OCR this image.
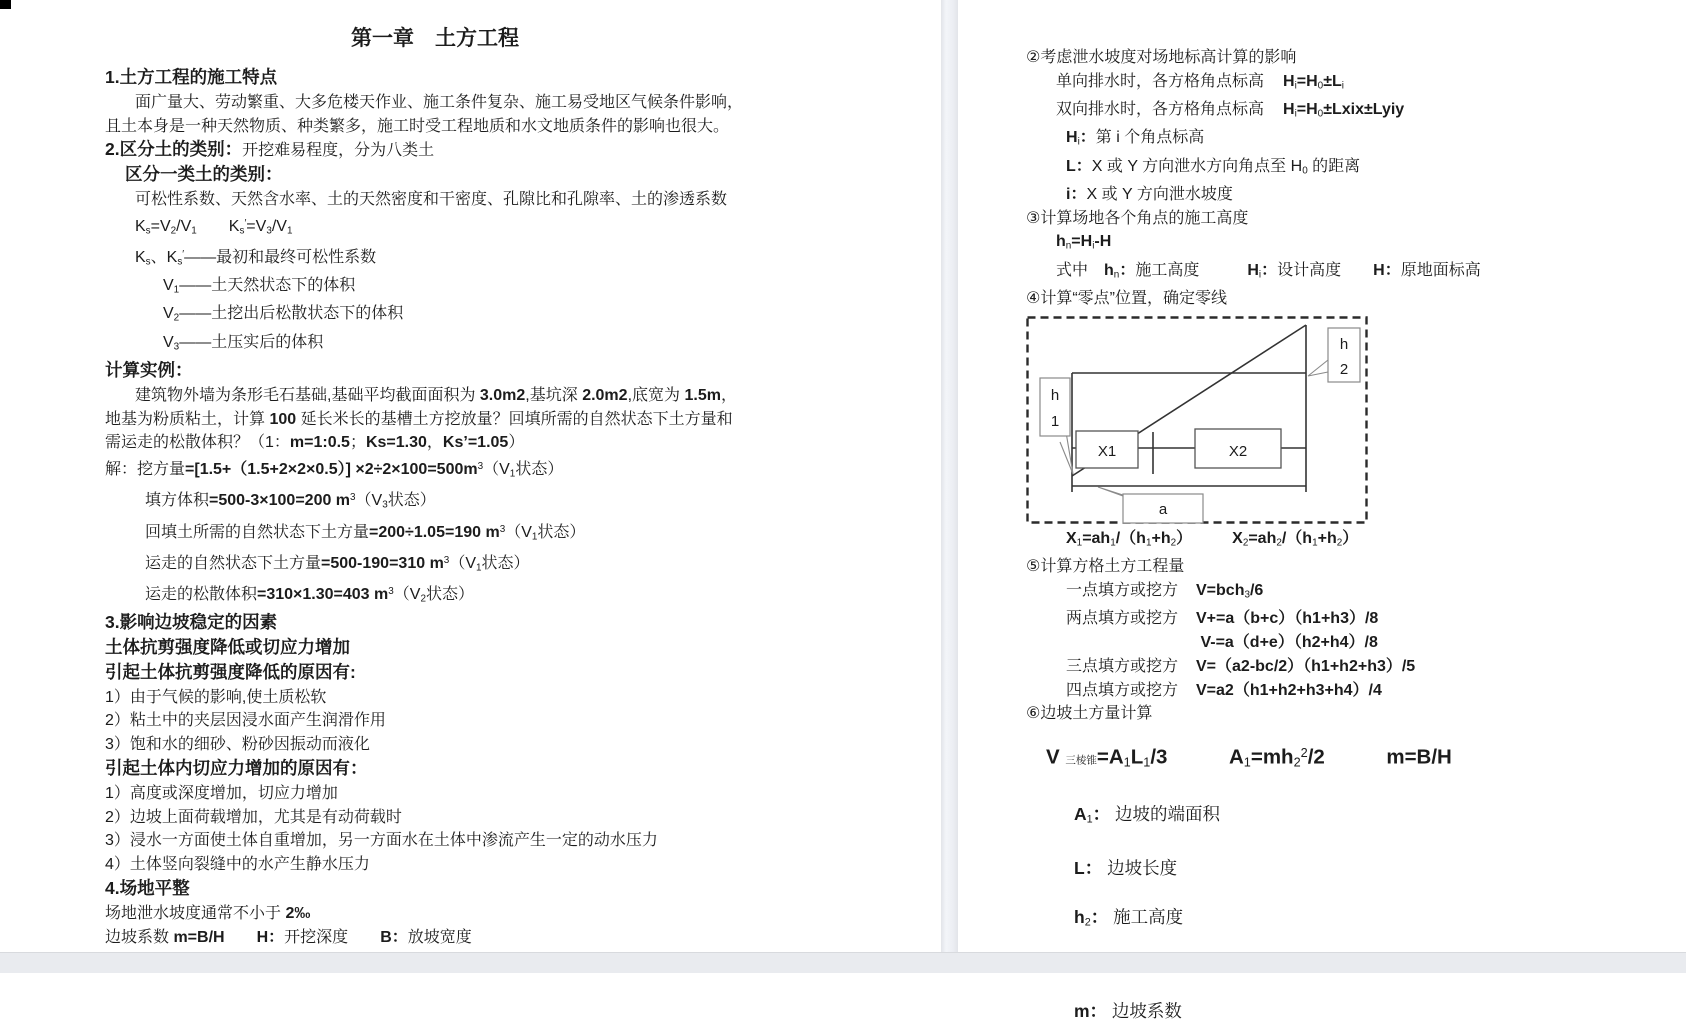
第一章　土方工程
1.土方工程的施工特点
面广量大、劳动繁重、大多危楼天作业、施工条件复杂、施工易受地区气候条件影响，
且土本身是一种天然物质、种类繁多，施工时受工程地质和水文地质条件的影响也很大。
2.区分土的类别：开挖难易程度，分为八类土
区分一类土的类别：
可松性系数、天然含水率、土的天然密度和干密度、孔隙比和孔隙率、土的渗透系数
$K_s=V_2/V_1$　　$K_s'=V_3/V_1$
$K_s$、$K_s'——$最初和最终可松性系数
$V_1——$土天然状态下的体积
$V_2——$土挖出后松散状态下的体积
$V_3——$土压实后的体积
计算实例：
建筑物外墙为条形毛石基础,基础平均截面面积为 3.0m2,基坑深 2.0m2,底宽为 1.5m，
地基为粉质粘土，计算 100 延长米长的基槽土方挖放量？回填所需的自然状态下土方量和
需运走的松散体积？（1：m=1:0.5；Ks=1.30，Ks’=1.05）
解：挖方量$=[1.5+(1.5+2\times 2\times 0.5)] \times 2\div 2\times 100=500m^3(V_1$状态）
填方体积=500-3×100=200 $m^3(V_3$状态）
回填土所需的自然状态下土方量=200÷1.05=190 $m^3(V_1$状态）
运走的自然状态下土方量=500-190=310 $m^3(V_1$状态）
运走的松散体积=310×1.30=403 $m^3(V_2$状态）
3.影响边坡稳定的因素
土体抗剪强度降低或切应力增加
引起土体抗剪强度降低的原因有:
1）由于气候的影响,使土质松软
2）粘土中的夹层因浸水面产生润滑作用
3）饱和水的细砂、粉砂因振动而液化
引起土体内切应力增加的原因有：
1）高度或深度增加，切应力增加
2）边坡上面荷载增加，尤其是有动荷载时
3）浸水一方面使土体自重增加，另一方面水在土体中渗流产生一定的动水压力
4）土体竖向裂缝中的水产生静水压力
4.场地平整
场地泄水坡度通常不小于 2‰
边坡系数 m=B/H　　 H：开挖深度　　 B：放坡宽度
②考虑泄水坡度对场地标高计算的影响
单向排水时，各方格角点标高 $H_i=H_0\pm L_i$
双向排水时，各方格角点标高 $H_i=H_0\pm Lxix\pm Lyiy$
$H_i$：第 i 个角点标高
L：X 或 Y 方向泄水方向角点至 $H_0$ 的距离
i：X 或 Y 方向泄水坡度
③计算场地各个角点的施工高度
$h_n=H_i-H$
式中　$h_n$：施工高度　　　$H_i$：设计高度　　H：原地面标高
④计算“零点”位置，确定零线
X1	X2
h
1
h
2
a
$X_1=ah_1/(h_1+h_2)$　　　	$X_2=ah_2/(h_1+h_2)$
⑤计算方格土方工程量
一点填方或挖方 V=bch$_3$/6
两点填方或挖方 V+=a（b+c）（h1+h3）/8
V-=a（d+e）（h2+h4）/8
三点填方或挖方 V=（a2-bc/2）（h1+h2+h3）/5
四点填方或挖方 V=a2（h1+h2+h3+h4）/4
⑥边坡土方量计算
V 三棱锥$=A_1L_1/3$　　　	$A_1=mh_2^2/2$　　　	m=B/H
$A_1$： 边坡的端面积
L： 边坡长度
$h_2$： 施工高度
m： 边坡系数
